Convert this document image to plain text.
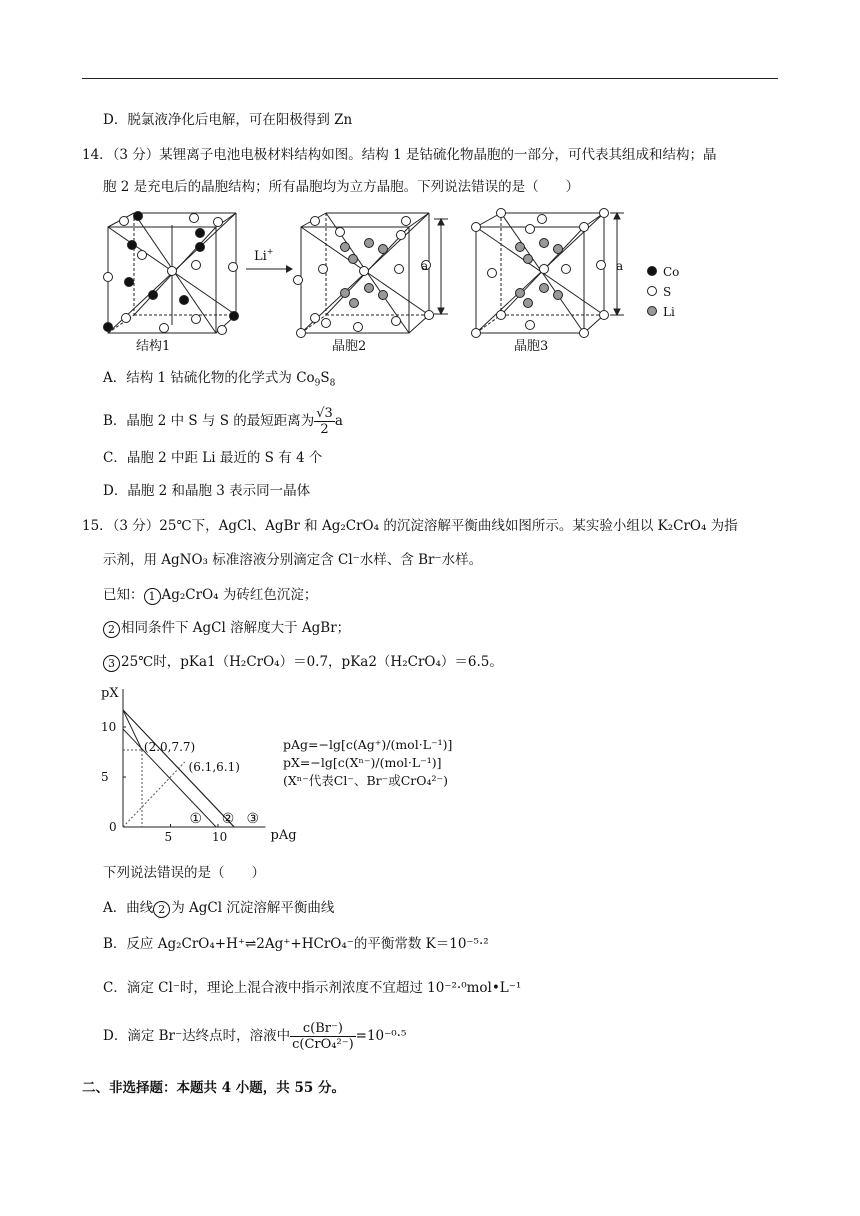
D．脱氯液净化后电解，可在阳极得到 Zn
14．（3 分）某锂离子电池电极材料结构如图。结构 1 是钴硫化物晶胞的一部分，可代表其组成和结构；晶
胞 2 是充电后的晶胞结构；所有晶胞均为立方晶胞。下列说法错误的是（　　）
结构1
Li+
a
晶胞2
a
晶胞3
Co
S
Li
A．结构 1 钴硫化物的化学式为 $Co_9S_8$
B．晶胞 2 中 S 与 S 的最短距离为 $\frac{√3}{2}$ a
C．晶胞 2 中距 Li 最近的 S 有 4 个
D．晶胞 2 和晶胞 3 表示同一晶体
15．（3 分）25℃下，AgCl、AgBr 和 Ag₂CrO₄ 的沉淀溶解平衡曲线如图所示。某实验小组以 K₂CrO₄ 为指
示剂，用 AgNO₃ 标准溶液分别滴定含 Cl⁻水样、含 Br⁻水样。
已知： 1 Ag₂CrO₄ 为砖红色沉淀；
2 相同条件下 AgCl 溶解度大于 AgBr；
3 25℃时，pKa1（H₂CrO₄）＝0.7，pKa2（H₂CrO₄）＝6.5。
pX
pAg
0
5	10
5
10
① ② ③
(2.0,7.7)
(6.1,6.1)
pAg=−lg[c(Ag⁺)/(mol·L⁻¹)]
pX=−lg[c(Xⁿ⁻)/(mol·L⁻¹)]
(Xⁿ⁻代表Cl⁻、Br⁻或CrO₄²⁻)
下列说法错误的是（　　）
A．曲线 2 为 AgCl 沉淀溶解平衡曲线
B．反应 Ag₂CrO₄+H⁺⇌2Ag⁺+HCrO₄⁻的平衡常数 K＝10⁻⁵·²
C．滴定 Cl⁻时，理论上混合液中指示剂浓度不宜超过 10⁻²·⁰mol•L⁻¹
D．滴定 Br⁻达终点时，溶液中 $\frac{c(Br^-)}{\text{c(CrO₄²⁻)}} =10^{-0}\cdot^5$
二、非选择题：本题共 4 小题，共 55 分。
